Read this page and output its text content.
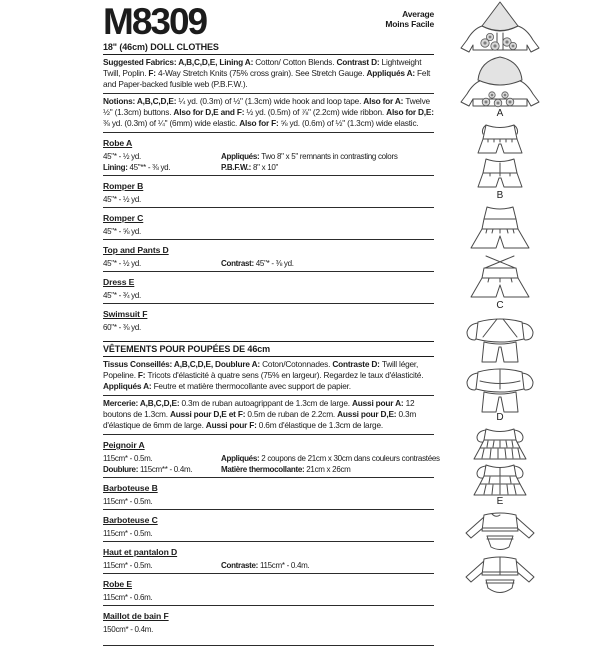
M8309	Average
Moins Facile
18" (46cm) DOLL CLOTHES

Suggested Fabrics: A,B,C,D,E, Lining A: Cotton/ Cotton Blends. Contrast D: Lightweight Twill, Poplin. F: 4-Way Stretch Knits (75% cross grain). See Stretch Gauge. Appliqués A: Felt and Paper-backed fusible web (P.B.F.W.).

Notions: A,B,C,D,E: ¼ yd. (0.3m) of ½" (1.3cm) wide hook and loop tape. Also for A: Twelve ½" (1.3cm) buttons. Also for D,E and F: ½ yd. (0.5m) of ⅞" (2.2cm) wide ribbon. Also for D,E: ⅜ yd. (0.3m) of ¼" (6mm) wide elastic. Also for F: ⅝ yd. (0.6m) of ½" (1.3cm) wide elastic.

Robe A
45"* - ½ yd.	Appliqués: Two 8" x 5" remnants in contrasting colors
Lining: 45"** - ⅜ yd.	P.B.F.W.: 8" x 10"
Romper B
45"* - ½ yd.
Romper C
45"* - ⅝ yd.
Top and Pants D
45"* - ½ yd.	Contrast: 45"* - ⅜ yd.
Dress E
45"* - ¾ yd.
Swimsuit F
60"* - ⅜ yd.
VÊTEMENTS POUR POUPÉES DE 46cm

Tissus Conseillés: A,B,C,D,E, Doublure A: Coton/Cotonnades. Contraste D: Twill léger, Popeline. F: Tricots d'élasticité à quatre sens (75% en largeur). Regardez le taux d'élasticité. Appliqués A: Feutre et matière thermocollante avec support de papier.

Mercerie: A,B,C,D,E: 0.3m de ruban autoagrippant de 1.3cm de large. Aussi pour A: 12 boutons de 1.3cm. Aussi pour D,E et F: 0.5m de ruban de 2.2cm. Aussi pour D,E: 0.3m d'élastique de 6mm de large. Aussi pour F: 0.6m d'élastique de 1.3cm de large.

Peignoir A
115cm* - 0.5m.	Appliqués: 2 coupons de 21cm x 30cm dans couleurs contrastées
Doublure: 115cm** - 0.4m.	Matière thermocollante: 21cm x 26cm
Barboteuse B
115cm* - 0.5m.
Barboteuse C
115cm* - 0.5m.
Haut et pantalon D
115cm* - 0.5m.	Contraste: 115cm* - 0.4m.
Robe E
115cm* - 0.6m.
Maillot de bain F
150cm* - 0.4m.
A
B
C
D
E
